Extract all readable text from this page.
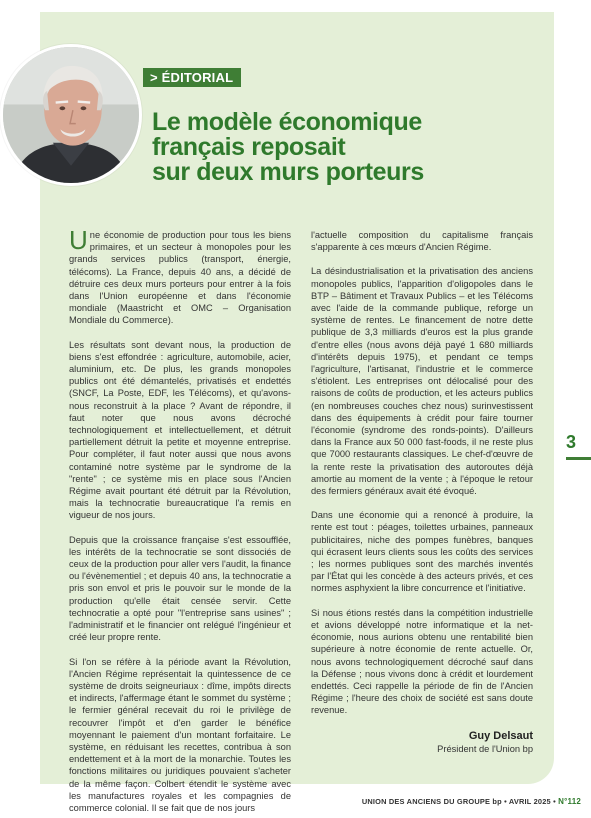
> ÉDITORIAL
Le modèle économique
français reposait
sur deux murs porteurs

Une économie de production pour tous les biens primaires, et un secteur à monopoles pour les grands services publics (transport, énergie, télécoms). La France, depuis 40 ans, a décidé de détruire ces deux murs porteurs pour entrer à la fois dans l'Union européenne et dans l'économie mondiale (Maastricht et OMC – Organisation Mondiale du Commerce).

Les résultats sont devant nous, la production de biens s'est effondrée : agriculture, automobile, acier, aluminium, etc. De plus, les grands monopoles publics ont été démantelés, privatisés et endettés (SNCF, La Poste, EDF, les Télécoms), et qu'avons-nous reconstruit à la place ? Avant de répondre, il faut noter que nous avons décroché technologiquement et intellectuellement, et détruit partiellement détruit la petite et moyenne entreprise. Pour compléter, il faut noter aussi que nous avons contaminé notre système par le syndrome de la "rente" ; ce système mis en place sous l'Ancien Régime avait pourtant été détruit par la Révolution, mais la technocratie bureaucratique l'a remis en vigueur de nos jours.

Depuis que la croissance française s'est essoufflée, les intérêts de la technocratie se sont dissociés de ceux de la production pour aller vers l'audit, la finance ou l'évènementiel ; et depuis 40 ans, la technocratie a pris son envol et pris le pouvoir sur le monde de la production qu'elle était censée servir. Cette technocratie a opté pour "l'entreprise sans usines" ; l'administratif et le financier ont relégué l'ingénieur et créé leur propre rente.

Si l'on se réfère à la période avant la Révolution, l'Ancien Régime représentait la quintessence de ce système de droits seigneuriaux : dîme, impôts directs et indirects, l'affermage étant le sommet du système ; le fermier général recevait du roi le privilège de recouvrer l'impôt et d'en garder le bénéfice moyennant le paiement d'un montant forfaitaire. Le système, en réduisant les recettes, contribua à son endettement et à la mort de la monarchie. Toutes les fonctions militaires ou juridiques pouvaient s'acheter de la même façon. Colbert étendit le système avec les manufactures royales et les compagnies de commerce colonial. Il se fait que de nos jours

l'actuelle composition du capitalisme français s'apparente à ces mœurs d'Ancien Régime.

La désindustrialisation et la privatisation des anciens monopoles publics, l'apparition d'oligopoles dans le BTP – Bâtiment et Travaux Publics – et les Télécoms avec l'aide de la commande publique, reforge un système de rentes. Le financement de notre dette publique de 3,3 milliards d'euros est la plus grande d'entre elles (nous avons déjà payé 1 680 milliards d'intérêts depuis 1975), et pendant ce temps l'agriculture, l'artisanat, l'industrie et le commerce s'étiolent. Les entreprises ont délocalisé pour des raisons de coûts de production, et les acteurs publics (en nombreuses couches chez nous) surinvestissent dans des équipements à crédit pour faire tourner l'économie (syndrome des ronds-points). D'ailleurs dans la France aux 50 000 fast-foods, il ne reste plus que 7000 restaurants classiques. Le chef-d'œuvre de la rente reste la privatisation des autoroutes déjà amortie au moment de la vente ; à l'époque le retour des fermiers généraux avait été évoqué.

Dans une économie qui a renoncé à produire, la rente est tout : péages, toilettes urbaines, panneaux publicitaires, niche des pompes funèbres, banques qui écrasent leurs clients sous les coûts des services ; les normes publiques sont des marchés inventés par l'État qui les concède à des acteurs privés, et ces normes asphyxient la libre concurrence et l'initiative.

Si nous étions restés dans la compétition industrielle et avions développé notre informatique et la net-économie, nous aurions obtenu une rentabilité bien supérieure à notre économie de rente actuelle. Or, nous avons technologiquement décroché sauf dans la Défense ; nous vivons donc à crédit et lourdement endettés. Ceci rappelle la période de fin de l'Ancien Régime ; l'heure des choix de société est sans doute revenue.

Guy Delsaut
Président de l'Union bp
3
UNION DES ANCIENS DU GROUPE bp • AVRIL 2025 • N°112
